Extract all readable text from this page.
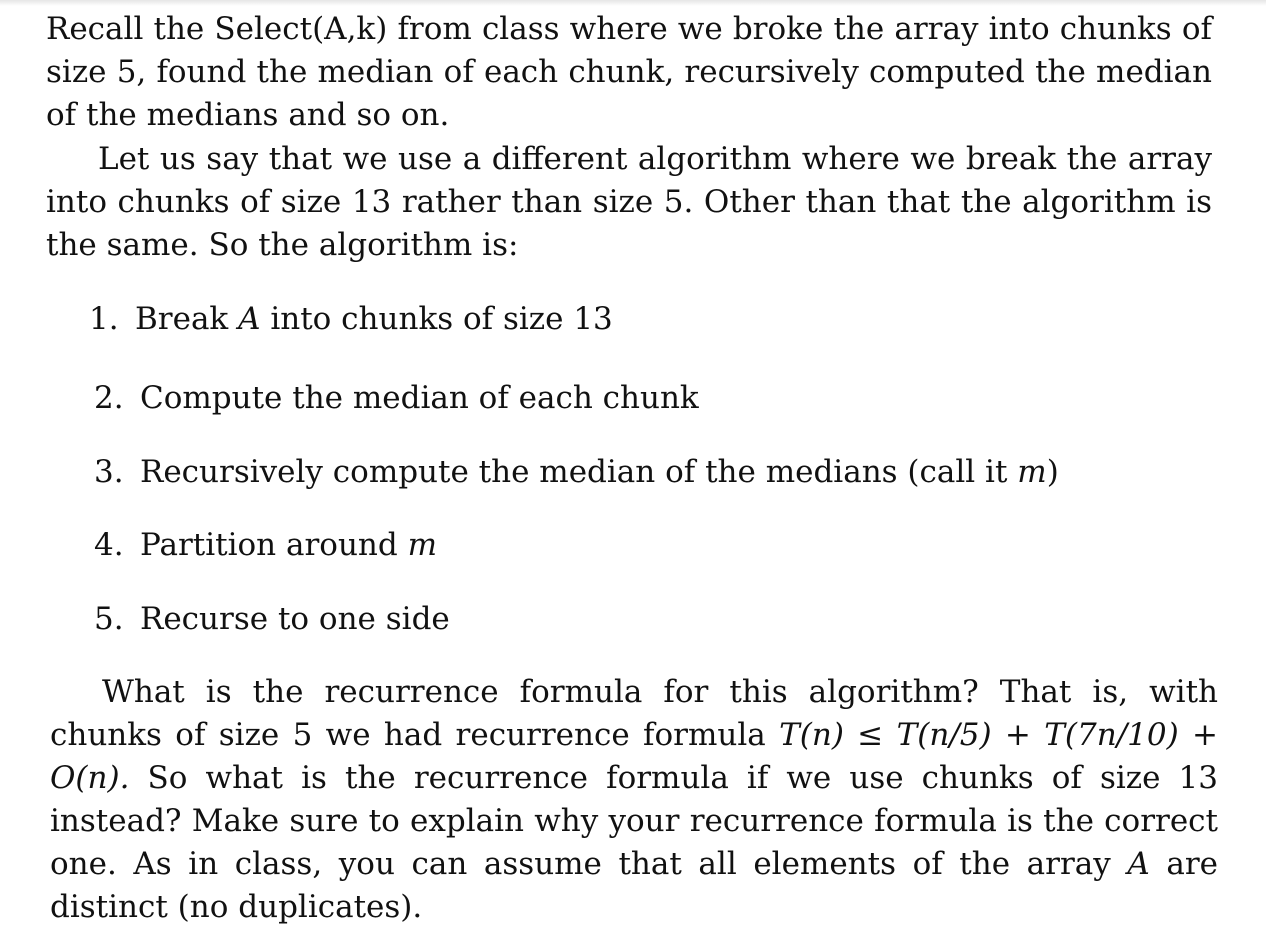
Recall the Select(A,k) from class where we broke the array into chunks of size 5, found the median of each chunk, recursively computed the median of the medians and so on.

Let us say that we use a different algorithm where we break the array into chunks of size 13 rather than size 5. Other than that the algorithm is the same. So the algorithm is:

1. Break A into chunks of size 13
2. Compute the median of each chunk
3. Recursively compute the median of the medians (call it m)
4. Partition around m
5. Recurse to one side

What is the recurrence formula for this algorithm? That is, with chunks of size 5 we had recurrence formula T(n) ≤ T(n/5) + T(7n/10) + O(n). So what is the recurrence formula if we use chunks of size 13 instead? Make sure to explain why your recurrence formula is the correct one. As in class, you can assume that all elements of the array A are distinct (no duplicates).
